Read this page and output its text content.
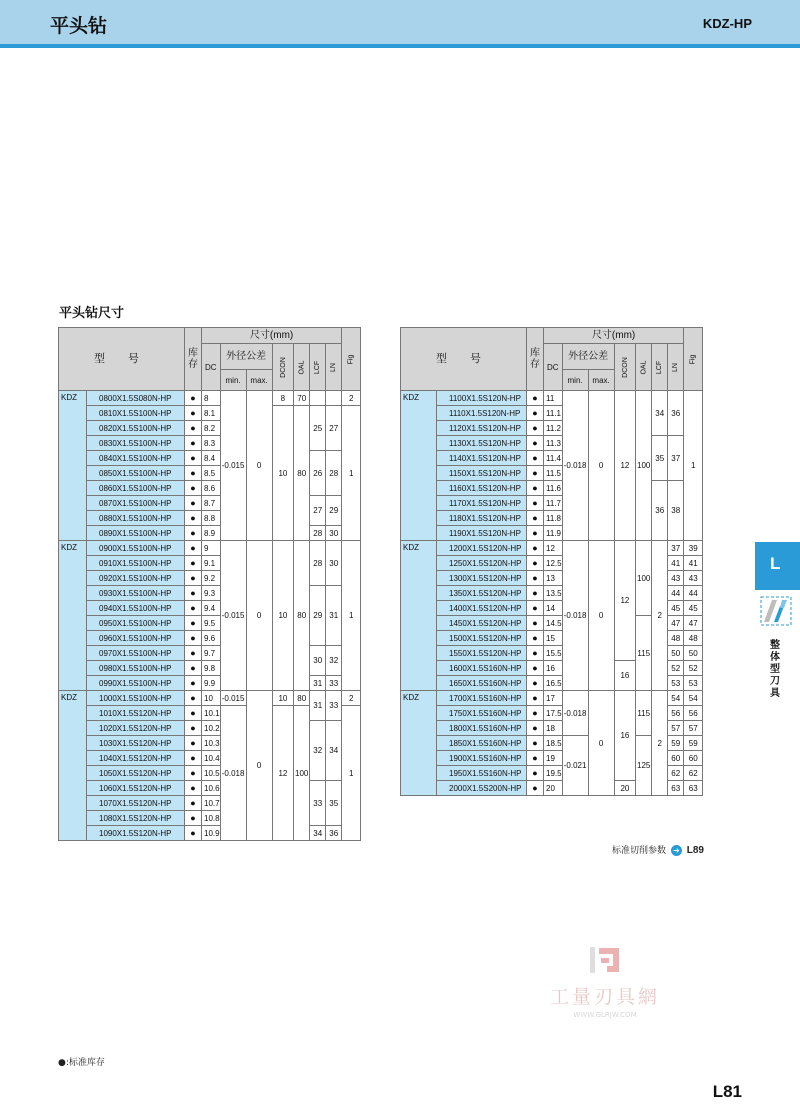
平头钻	KDZ-HP
平头钻尺寸
型 号		库存	尺寸(mm)							Fig
			DC	外径公差		DCON	OAL	LCF	LN	
				min.	max.					
KDZ	0800X1.5S080N-HP	●	8	-0.015	0	8	70			2
	0810X1.5S100N-HP	●	8.1			10	80	25	27	1
	0820X1.5S100N-HP	●	8.2							
	0830X1.5S100N-HP	●	8.3							
	0840X1.5S100N-HP	●	8.4					26	28	
	0850X1.5S100N-HP	●	8.5							
	0860X1.5S100N-HP	●	8.6							
	0870X1.5S100N-HP	●	8.7					27	29	
	0880X1.5S100N-HP	●	8.8							
	0890X1.5S100N-HP	●	8.9					28	30	
KDZ	0900X1.5S100N-HP	●	9	-0.015	0	10	80	28	30	1
	0910X1.5S100N-HP	●	9.1							
	0920X1.5S100N-HP	●	9.2							
	0930X1.5S100N-HP	●	9.3					29	31	
	0940X1.5S100N-HP	●	9.4							
	0950X1.5S100N-HP	●	9.5							
	0960X1.5S100N-HP	●	9.6							
	0970X1.5S100N-HP	●	9.7					30	32	
	0980X1.5S100N-HP	●	9.8							
	0990X1.5S100N-HP	●	9.9					31	33	
KDZ	1000X1.5S100N-HP	●	10	-0.015	0	10	80	31	33	2
	1010X1.5S120N-HP	●	10.1	-0.018		12	100			1
	1020X1.5S120N-HP	●	10.2					32	34	
	1030X1.5S120N-HP	●	10.3							
	1040X1.5S120N-HP	●	10.4							
	1050X1.5S120N-HP	●	10.5							
	1060X1.5S120N-HP	●	10.6					33	35	
	1070X1.5S120N-HP	●	10.7							
	1080X1.5S120N-HP	●	10.8							
	1090X1.5S120N-HP	●	10.9					34	36	
型 号		库存	尺寸(mm)							Fig
			DC	外径公差		DCON	OAL	LCF	LN	
				min.	max.					
KDZ	1100X1.5S120N-HP	●	11	-0.018	0	12	100	34	36	1
	1110X1.5S120N-HP	●	11.1							
	1120X1.5S120N-HP	●	11.2							
	1130X1.5S120N-HP	●	11.3					35	37	
	1140X1.5S120N-HP	●	11.4							
	1150X1.5S120N-HP	●	11.5							
	1160X1.5S120N-HP	●	11.6					36	38	
	1170X1.5S120N-HP	●	11.7							
	1180X1.5S120N-HP	●	11.8							
	1190X1.5S120N-HP	●	11.9							
KDZ	1200X1.5S120N-HP	●	12	-0.018	0	12	100	2	37	39
	1250X1.5S120N-HP	●	12.5						41	41
	1300X1.5S120N-HP	●	13						43	43
	1350X1.5S120N-HP	●	13.5						44	44
	1400X1.5S120N-HP	●	14						45	45
	1450X1.5S120N-HP	●	14.5				115		47	47
	1500X1.5S120N-HP	●	15						48	48
	1550X1.5S120N-HP	●	15.5						50	50
	1600X1.5S160N-HP	●	16			16			52	52
	1650X1.5S160N-HP	●	16.5						53	53
KDZ	1700X1.5S160N-HP	●	17	-0.018	0	16	115	2	54	54
	1750X1.5S160N-HP	●	17.5						56	56
	1800X1.5S160N-HP	●	18						57	57
	1850X1.5S160N-HP	●	18.5	-0.021			125		59	59
	1900X1.5S160N-HP	●	19						60	60
	1950X1.5S160N-HP	●	19.5						62	62
	2000X1.5S200N-HP	●	20			20			63	63
标准切削参数 ➜ L89
工量刃具網
WWW.GLRJW.COM
L
整体型刀具
●:标准库存
L81
